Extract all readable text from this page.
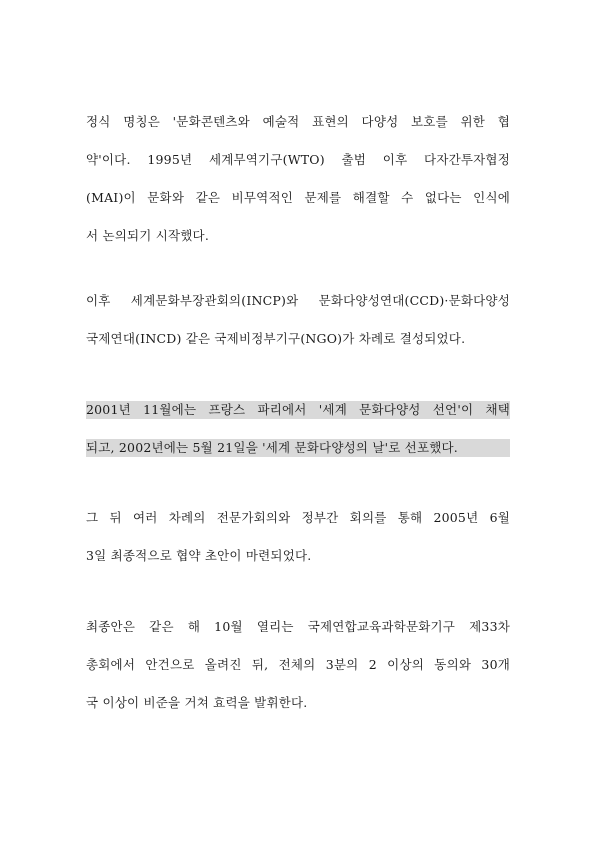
정식 명칭은 '문화콘텐츠와 예술적 표현의 다양성 보호를 위한 협
약'이다. 1995년 세계무역기구(WTO) 출범 이후 다자간투자협정
(MAI)이 문화와 같은 비무역적인 문제를 해결할 수 없다는 인식에
서 논의되기 시작했다.
이후 세계문화부장관회의(INCP)와 문화다양성연대(CCD)·문화다양성
국제연대(INCD) 같은 국제비정부기구(NGO)가 차례로 결성되었다.
2001년 11월에는 프랑스 파리에서 '세계 문화다양성 선언'이 채택
되고, 2002년에는 5월 21일을 '세계 문화다양성의 날'로 선포했다.
그 뒤 여러 차례의 전문가회의와 정부간 회의를 통해 2005년 6월
3일 최종적으로 협약 초안이 마련되었다.
최종안은 같은 해 10월 열리는 국제연합교육과학문화기구 제33차
총회에서 안건으로 올려진 뒤, 전체의 3분의 2 이상의 동의와 30개
국 이상이 비준을 거쳐 효력을 발휘한다.
